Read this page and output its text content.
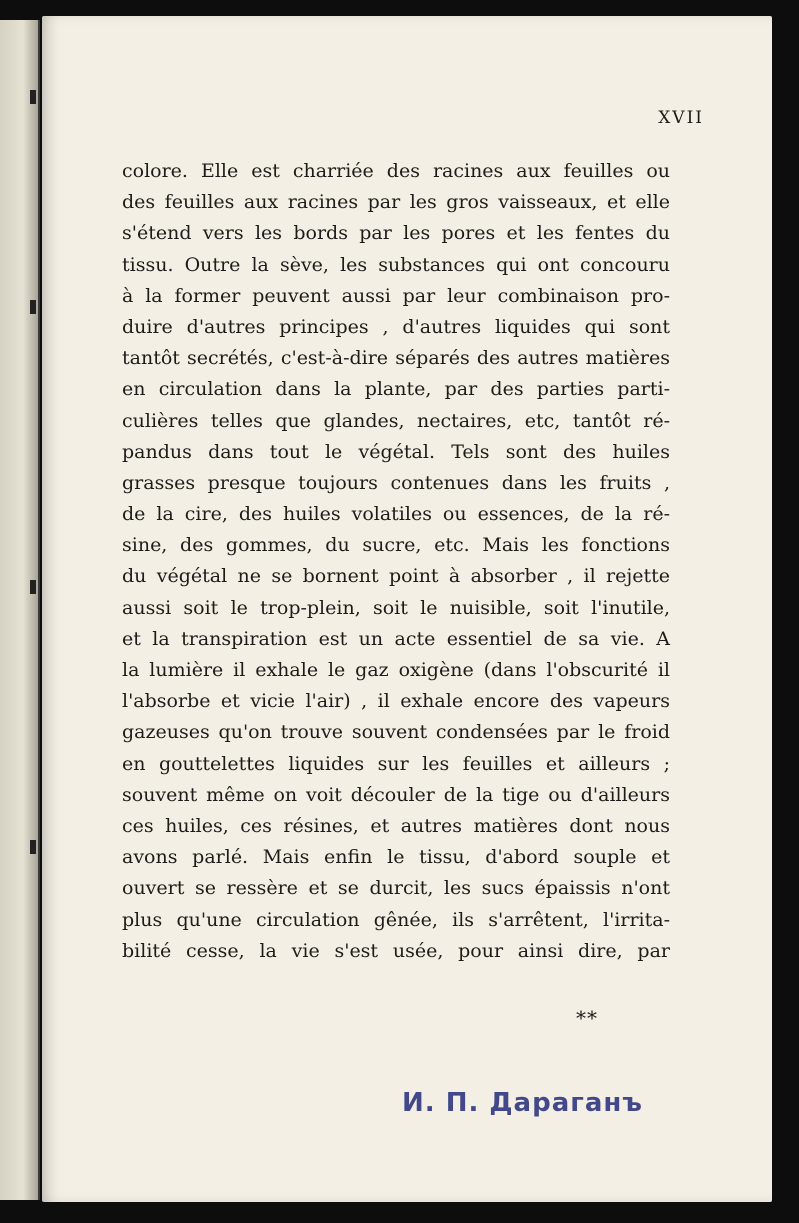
XVII
colore. Elle est charriée des racines aux feuilles ou
des feuilles aux racines par les gros vaisseaux, et elle
s'étend vers les bords par les pores et les fentes du
tissu. Outre la sève, les substances qui ont concouru
à la former peuvent aussi par leur combinaison pro-
duire d'autres principes , d'autres liquides qui sont
tantôt secrétés, c'est-à-dire séparés des autres matières
en circulation dans la plante, par des parties parti-
culières telles que glandes, nectaires, etc, tantôt ré-
pandus dans tout le végétal. Tels sont des huiles
grasses presque toujours contenues dans les fruits ,
de la cire, des huiles volatiles ou essences, de la ré-
sine, des gommes, du sucre, etc. Mais les fonctions
du végétal ne se bornent point à absorber , il rejette
aussi soit le trop-plein, soit le nuisible, soit l'inutile,
et la transpiration est un acte essentiel de sa vie. A
la lumière il exhale le gaz oxigène (dans l'obscurité il
l'absorbe et vicie l'air) , il exhale encore des vapeurs
gazeuses qu'on trouve souvent condensées par le froid
en gouttelettes liquides sur les feuilles et ailleurs ;
souvent même on voit découler de la tige ou d'ailleurs
ces huiles, ces résines, et autres matières dont nous
avons parlé. Mais enfin le tissu, d'abord souple et
ouvert se ressère et se durcit, les sucs épaissis n'ont
plus qu'une circulation gênée, ils s'arrêtent, l'irrita-
bilité cesse, la vie s'est usée, pour ainsi dire, par
**
И. П. Дараганъ
